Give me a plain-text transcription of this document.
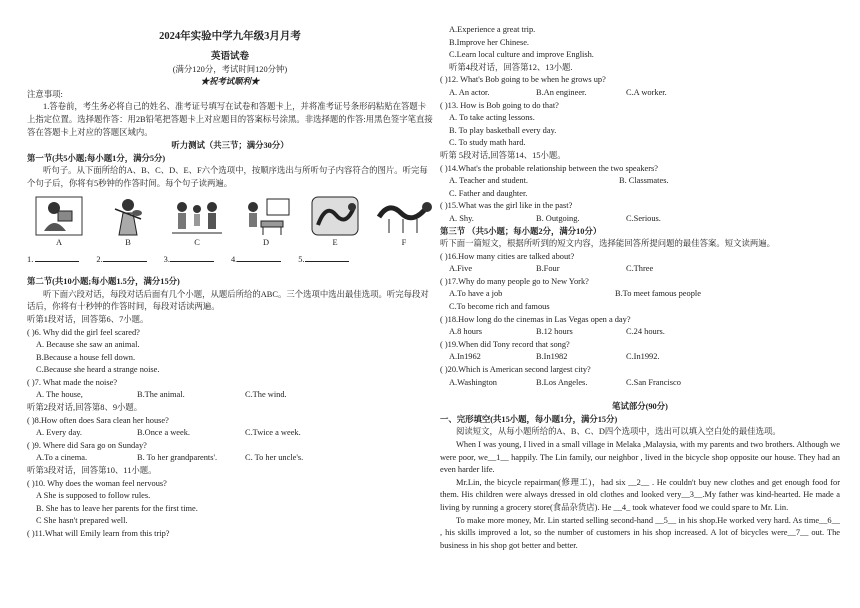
2024年实验中学九年级3月月考
英语试卷
(满分120分，考试时间120分钟)
★祝考试顺利★
注意事项:
1.答卷前，考生务必将自己的姓名、准考证号填写在试卷和答题卡上，并将准考证号条形码粘贴在答题卡上指定位置。选择题作答：用2B铅笔把答题卡上对应题目的答案标号涂黑。非选择题的作答:用黑色签字笔直接答在答题卡上对应的答题区域内。
听力测试（共三节；满分30分）
第一节(共5小题;每小题1分，满分5分)
听句子。从下面所给的A、B、C、D、E、F六个选项中，按顺序选出与所听句子内容符合的图片。听完每个句子后，你将有5秒钟的作答时间。每个句子读两遍。
A	B	C	D	E	F
1.	2.	3.	4.	5.
第二节(共10小题;每小题1.5分，满分15分)
听下面六段对话，每段对话后面有几个小题，从题后所给的ABC。三个选项中选出最佳选项。听完每段对话后，你将有十秒钟的作答时间，每段对话读两遍。
听第1段对话，回答第6、7小题。
( )6. Why did the girl feel scared?
A. Because she saw an animal.
B.Because a house fell down.
C.Because she heard a strange noise.
( )7. What made the noise?
A. The house,	B.The animal.	C.The wind.
听第2段对话,回答第8、9小题。
( )8.How often does Sara clean her house?
A. Every day.	B.Once a week.	C.Twice a week.
( )9. Where did Sara go on Sunday?
A.To a cinema.	B. To her grandparents'.	C. To her uncle's.
听第3段对话，回答第10、11小题。
( )10. Why does the woman feel nervous?
A She is supposed to follow rules.
B. She has to leave her parents for the first time.
C She hasn't prepared well.
( )11.What will Emily learn from this trip?
A.Experience a great trip.
B.Improve her Chinese.
C.Learn local culture and improve English.
听第4段对话，回答第12、13小题.
( )12. What's Bob going to be when he grows up?
A. An actor.	B.An engineer.	C.A worker.
( )13. How is Bob going to do that?
A. To take acting lessons.
B. To play basketball every day.
C. To study math hard.
听第 5段对话,回答第14、15小题。
( )14.What's the probable relationship between the two speakers?
A. Teacher and student.	B. Classmates.
C. Father and daughter.
( )15.What was the girl like in the past?
A. Shy.	B. Outgoing.	C.Serious.
第三节 （共5小题；每小题2分，满分10分）
听下面一篇短文，根据所听到的短文内容，选择能回答所提问题的最佳答案。短文读两遍。
( )16.How many cities are talked about?
A.Five	B.Four	C.Three
( )17.Why do many people go to New York?
A.To have a job	B.To meet famous people
C.To become rich and famous
( )18.How long do the cinemas in Las Vegas open a day?
A.8 hours	B.12 hours	C.24 hours.
( )19.When did Tony record that song?
A.In1962	B.In1982	C.In1992.
( )20.Which is American second largest city?
A.Washington	B.Los Angeles.	C.San Francisco
笔试部分(90分)
一、完形填空(共15小题，每小题1分，满分15分)
阅读短文，从每小题所给的A、B、C、D四个选项中，选出可以填入空白处的最佳选项。
When I was young, I lived in a small village in Melaka ,Malaysia, with my parents and two brothers. Although we were poor, we__1__ happily. The Lin family, our neighbor , lived in the bicycle shop opposite our house. They had an even harder life.
Mr.Lin, the bicycle repairman(修理工)，had six __2__ . He couldn't buy new clothes and get enough food for them. His children were always dressed in old clothes and looked very__3__.My father was kind-hearted. He made a living by running a grocery store(食品杂货店). He __4_ took whatever food we could spare to Mr. Lin.
To make more money, Mr. Lin started selling second-hand __5__ in his shop.He worked very hard. As time__6__ , his skills improved a lot, so the number of customers in his shop increased. A lot of bicycles were__7__ out. The business in his shop got better and better.
